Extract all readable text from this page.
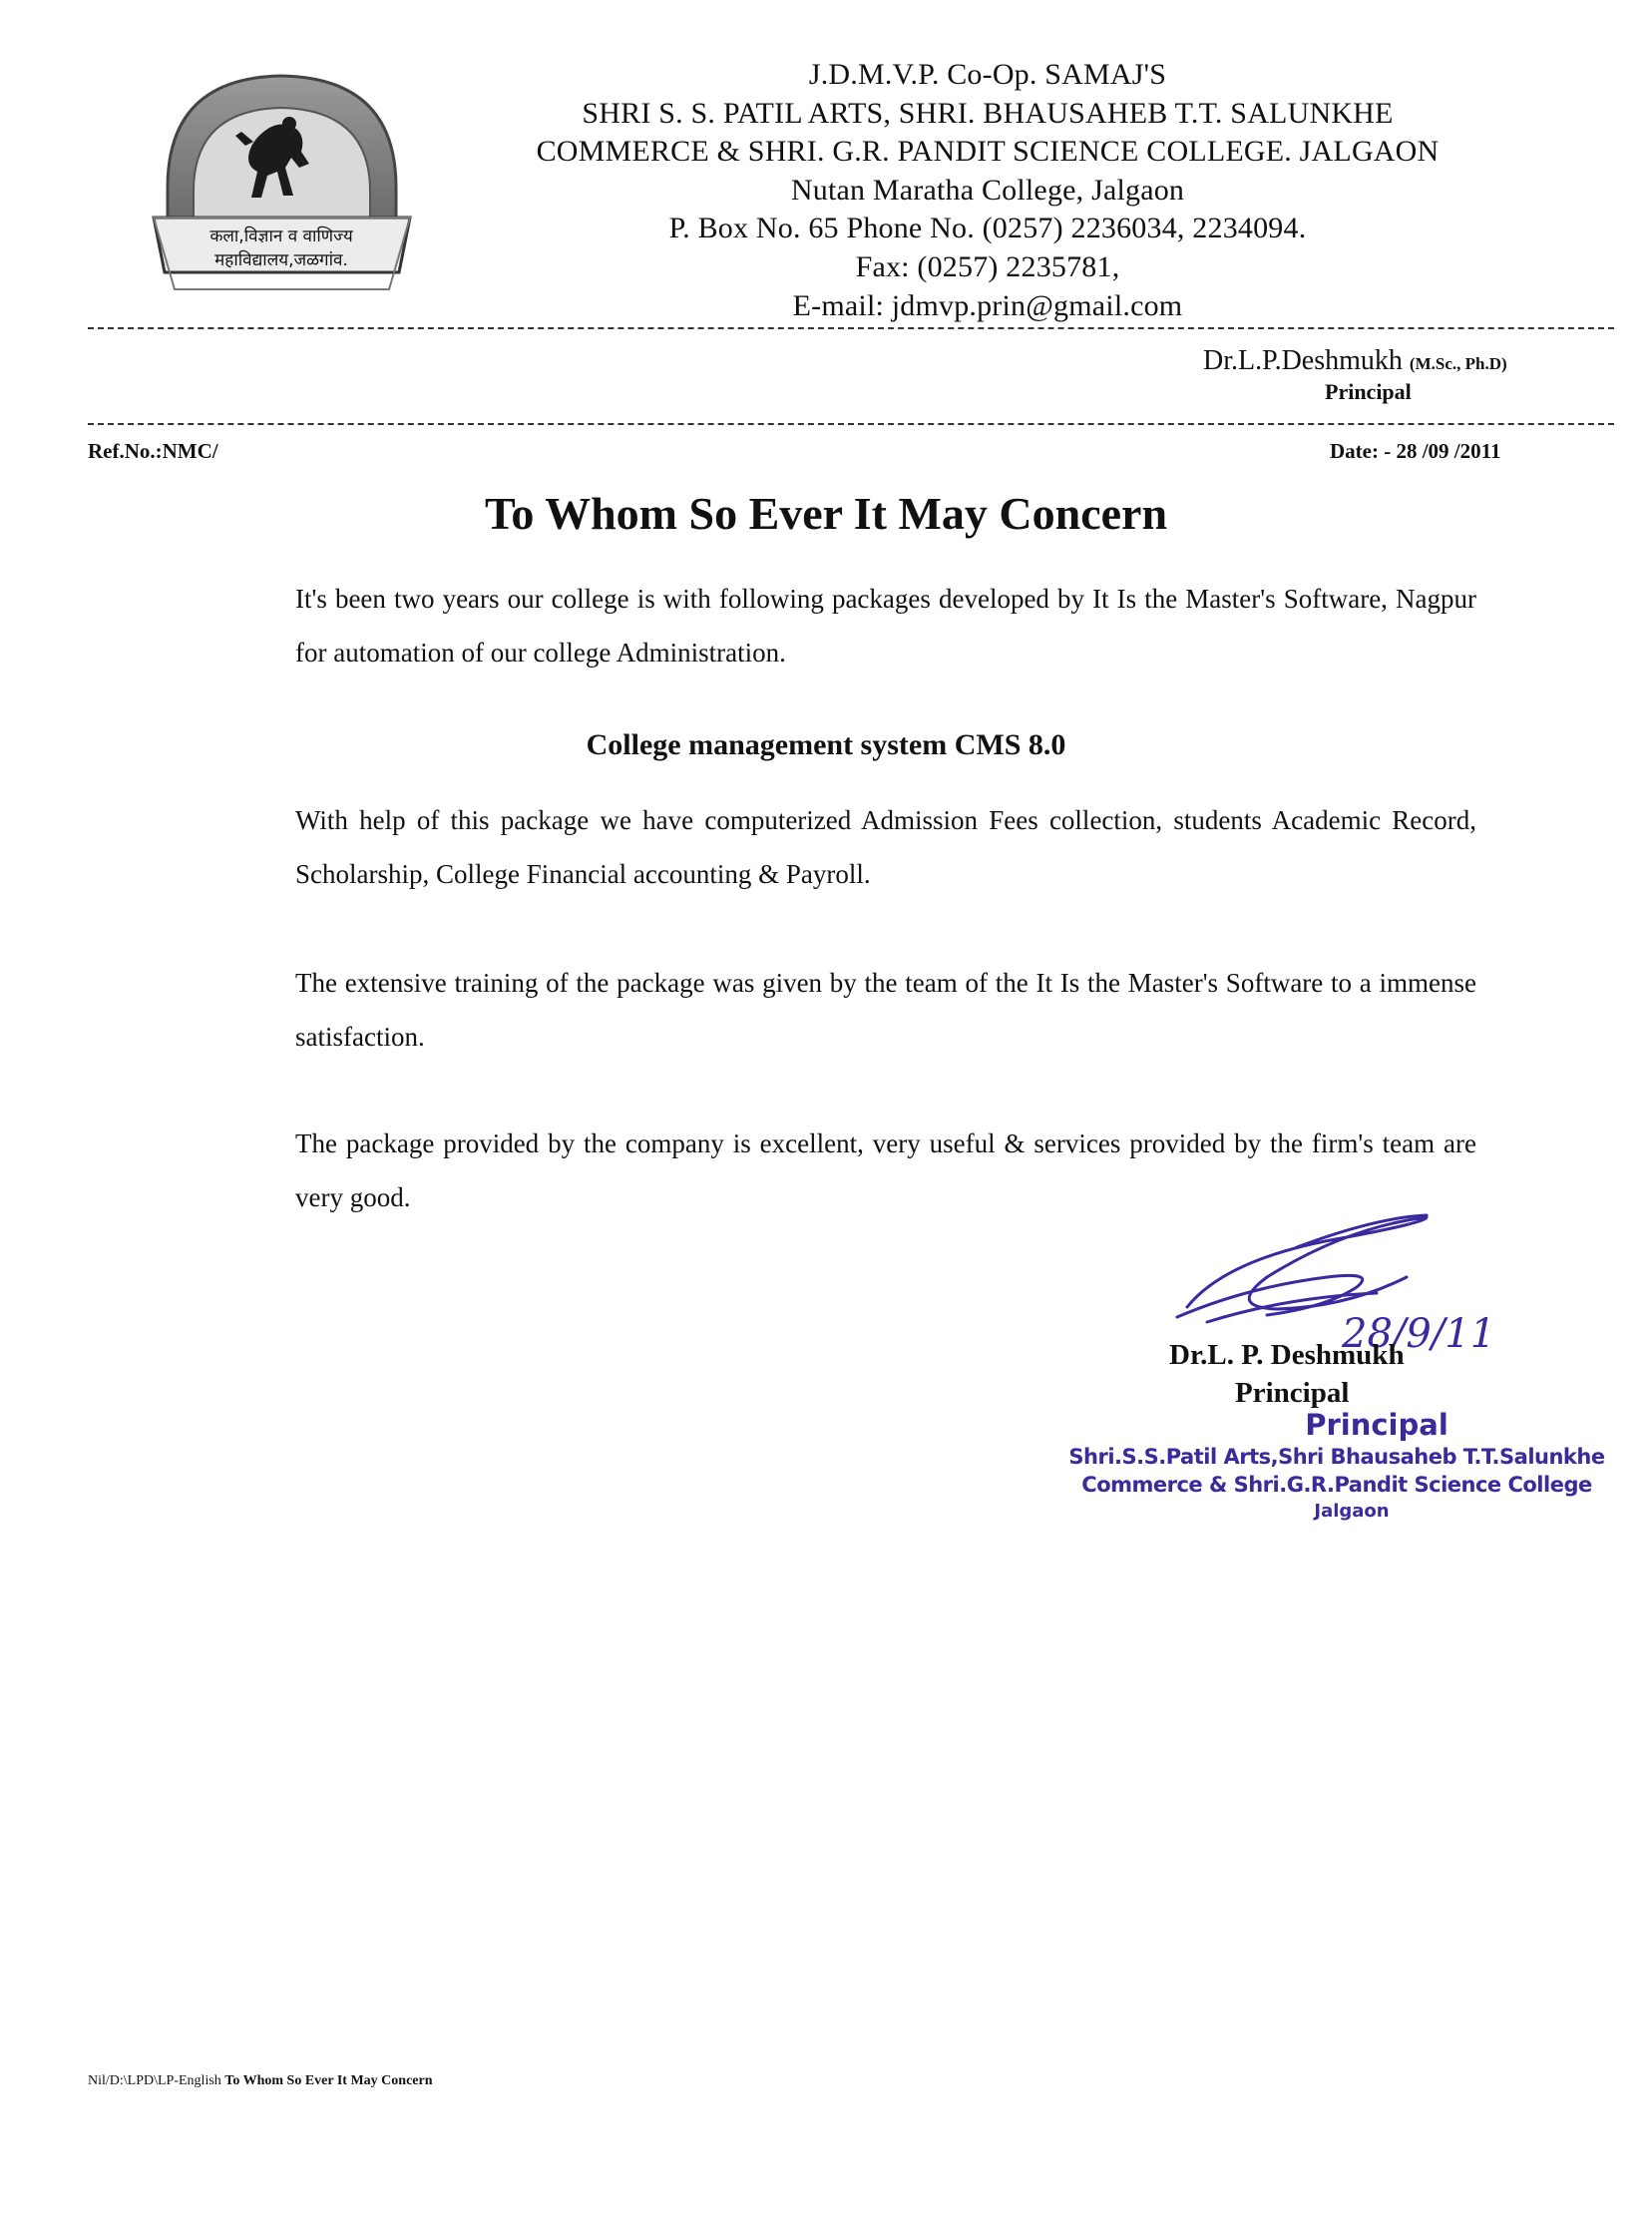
कला,विज्ञान व वाणिज्य
महाविद्यालय,जळगांव.
J.D.M.V.P. Co-Op. SAMAJ'S
SHRI S. S. PATIL ARTS, SHRI. BHAUSAHEB T.T. SALUNKHE
COMMERCE & SHRI. G.R. PANDIT SCIENCE COLLEGE. JALGAON
Nutan Maratha College, Jalgaon
P. Box No. 65 Phone No. (0257) 2236034, 2234094.
Fax: (0257) 2235781,
E-mail: jdmvp.prin@gmail.com
Dr.L.P.Deshmukh (M.Sc., Ph.D)
Principal
Ref.No.:NMC/	Date: - 28 /09 /2011
To Whom So Ever It May Concern
It's been two years our college is with following packages developed by It Is the Master's Software, Nagpur for automation of our college Administration.
College management system CMS 8.0
With help of this package we have computerized Admission Fees collection, students Academic Record, Scholarship, College Financial accounting & Payroll.
The extensive training of the package was given by the team of the It Is the Master's Software to a immense satisfaction.
The package provided by the company is excellent, very useful & services provided by the firm's team are very good.
28/9/11
Dr.L. P. Deshmukh
Principal
Principal
Shri.S.S.Patil Arts,Shri Bhausaheb T.T.Salunkhe
Commerce & Shri.G.R.Pandit Science College
Jalgaon
Nil/D:\LPD\LP-English To Whom So Ever It May Concern
